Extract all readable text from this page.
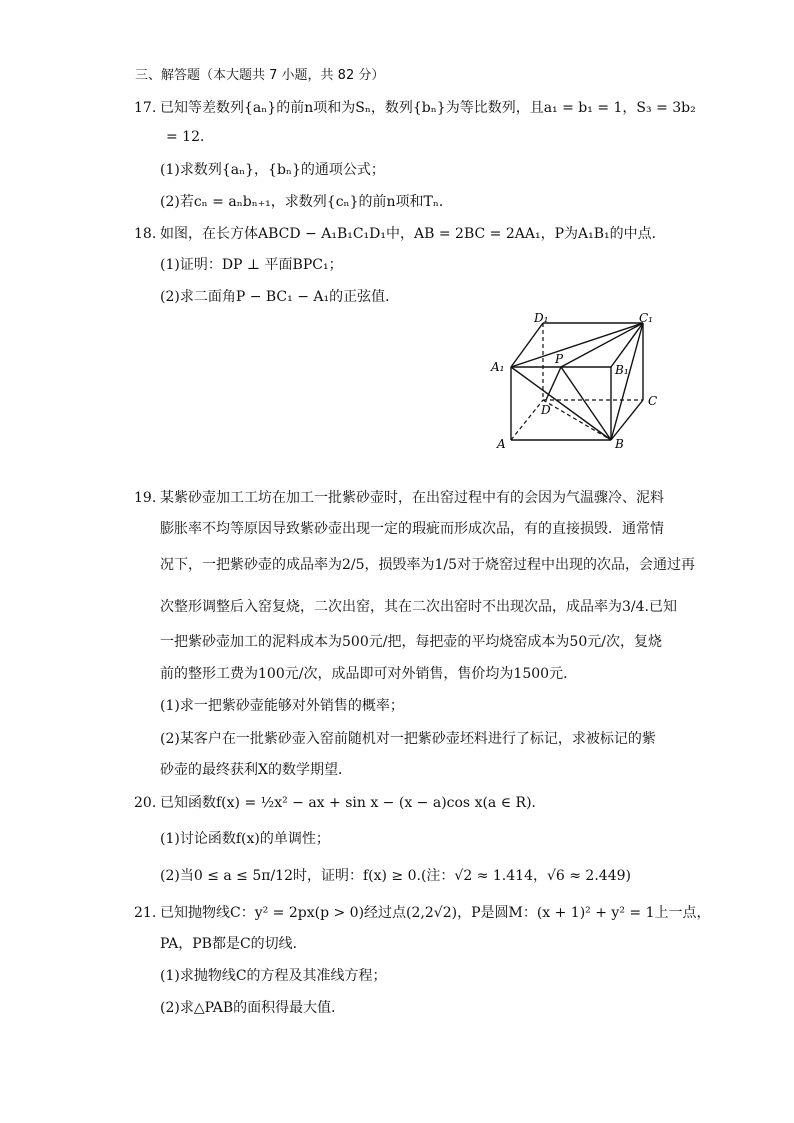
三、解答题（本大题共 7 小题，共 82 分）
17. 已知等差数列{aₙ}的前n项和为Sₙ，数列{bₙ}为等比数列，且a₁ = b₁ = 1，S₃ = 3b₂
= 12．
(1)求数列{aₙ}，{bₙ}的通项公式；
(2)若cₙ = aₙbₙ₊₁，求数列{cₙ}的前n项和Tₙ．
18. 如图，在长方体ABCD − A₁B₁C₁D₁中，AB = 2BC = 2AA₁，P为A₁B₁的中点．
(1)证明：DP ⊥ 平面BPC₁；
(2)求二面角P − BC₁ − A₁的正弦值．
D₁	C₁
P
A₁	B₁
D
C
A	B
19. 某紫砂壶加工工坊在加工一批紫砂壶时，在出窑过程中有的会因为气温骤冷、泥料
膨胀率不均等原因导致紫砂壶出现一定的瑕疵而形成次品，有的直接损毁．通常情
况下，一把紫砂壶的成品率为2/5，损毁率为1/5对于烧窑过程中出现的次品，会通过再
次整形调整后入窑复烧，二次出窑，其在二次出窑时不出现次品，成品率为3/4.已知
一把紫砂壶加工的泥料成本为500元/把，每把壶的平均烧窑成本为50元/次，复烧
前的整形工费为100元/次，成品即可对外销售，售价均为1500元．
(1)求一把紫砂壶能够对外销售的概率；
(2)某客户在一批紫砂壶入窑前随机对一把紫砂壶坯料进行了标记，求被标记的紫
砂壶的最终获利X的数学期望．
20. 已知函数f(x) = ½x² − ax + sin x − (x − a)cos x(a ∈ R)．
(1)讨论函数f(x)的单调性；
(2)当0 ≤ a ≤ 5π/12时，证明：f(x) ≥ 0.(注：√2 ≈ 1.414，√6 ≈ 2.449)
21. 已知抛物线C：y² = 2px(p > 0)经过点(2,2√2)，P是圆M：(x + 1)² + y² = 1上一点，
PA，PB都是C的切线．
(1)求抛物线C的方程及其准线方程；
(2)求△PAB的面积得最大值．
